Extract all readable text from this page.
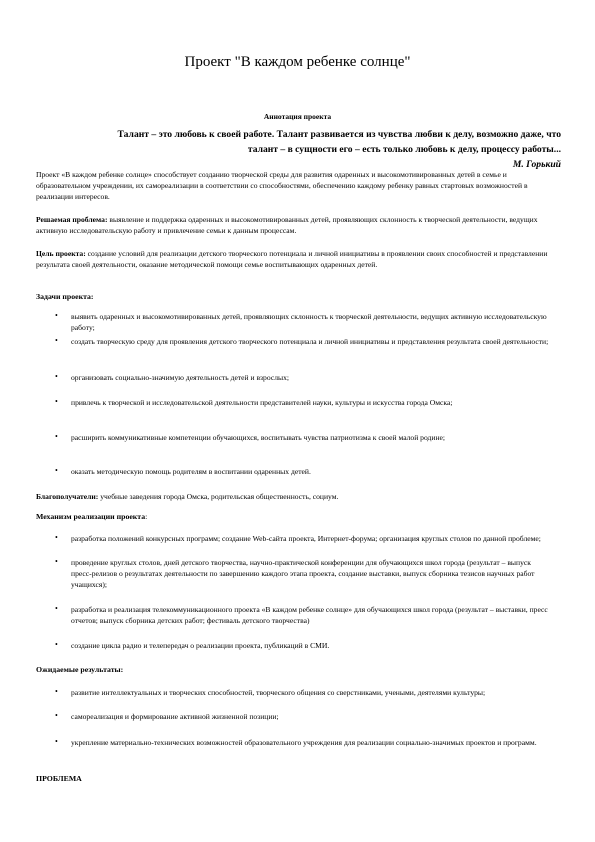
Проект "В каждом ребенке солнце"
Аннотация проекта
Талант – это любовь к своей работе. Талант развивается из чувства любви к делу, возможно даже, что
талант – в сущности его – есть только любовь к делу, процессу работы...
М. Горький
Проект «В каждом ребенке солнце» способствует созданию творческой среды для развития одаренных и высокомотивированных детей в семье и образовательном учреждении, их самореализации в соответствии со способностями, обеспечению каждому ребенку равных стартовых возможностей в реализации интересов.
Решаемая проблема: выявление и поддержка одаренных и высокомотивированных детей, проявляющих склонность к творческой деятельности, ведущих активную исследовательскую работу и привлечение семьи к данным процессам.
Цель проекта: создание условий для реализации детского творческого потенциала и личной инициативы в проявлении своих способностей и представлении результата своей деятельности, оказание методической помощи семье воспитывающих одаренных детей.
Задачи проекта:
• выявить одаренных и высокомотивированных детей, проявляющих склонность к творческой деятельности, ведущих активную исследовательскую работу;
• создать творческую среду для проявления детского творческого потенциала и личной инициативы и представления результата своей деятельности;
• организовать социально-значимую деятельность детей и взрослых;
• привлечь к творческой и исследовательской деятельности представителей науки, культуры и искусства города Омска;
• расширить коммуникативные компетенции обучающихся, воспитывать чувства патриотизма к своей малой родине;
• оказать методическую помощь родителям в воспитании одаренных детей.
Благополучатели: учебные заведения города Омска, родительская общественность, социум.
Механизм реализации проекта:
• разработка положений конкурсных программ; создание Web-сайта проекта, Интернет-форума; организация круглых столов по данной проблеме;
• проведение круглых столов, дней детского творчества, научно-практической конференции для обучающихся школ города (результат – выпуск пресс-релизов о результатах деятельности по завершению каждого этапа проекта, создание выставки, выпуск сборника тезисов научных работ учащихся);
• разработка и реализация телекоммуникационного проекта «В каждом ребенке солнце» для обучающихся школ города (результат – выставки, пресс отчетов; выпуск сборника детских работ; фестиваль детского творчества)
• создание цикла радио и телепередач о реализации проекта, публикаций в СМИ.
Ожидаемые результаты:
• развитие интеллектуальных и творческих способностей, творческого общения со сверстниками, учеными, деятелями культуры;
• самореализация и формирование активной жизненной позиции;
• укрепление материально-технических возможностей образовательного учреждения для реализации социально-значимых проектов и программ.
ПРОБЛЕМА
